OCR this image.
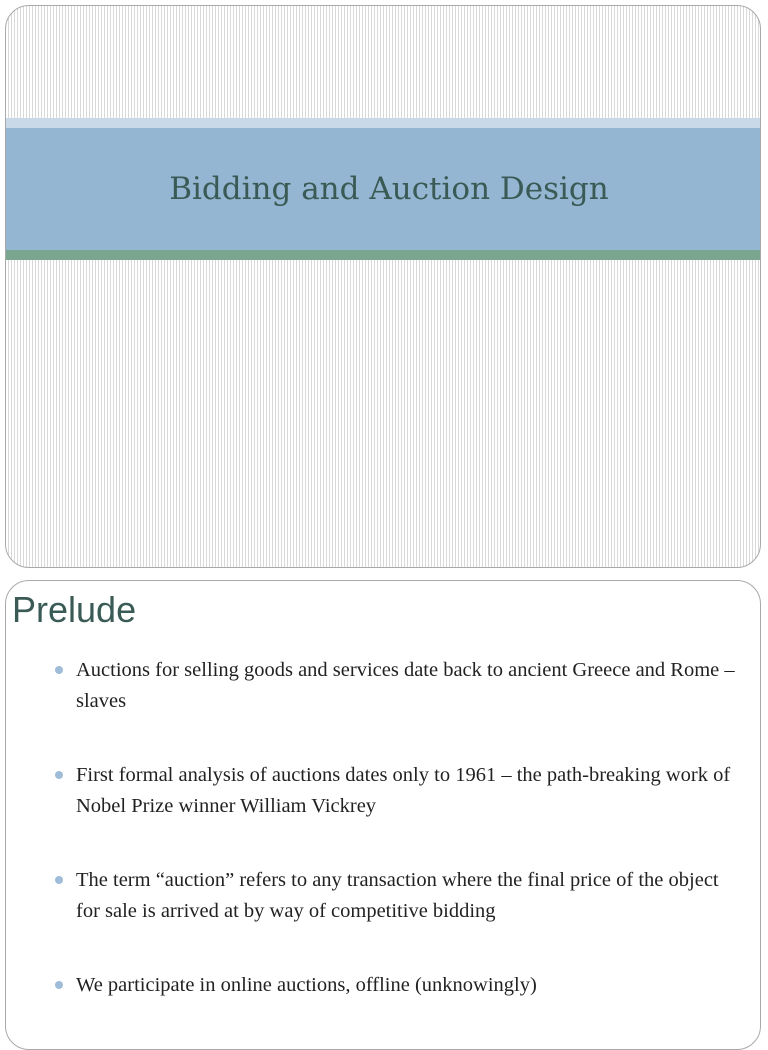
Bidding and Auction Design
Prelude
Auctions for selling goods and services date back to ancient Greece and Rome – slaves
First formal analysis of auctions dates only to 1961 – the path-breaking work of Nobel Prize winner William Vickrey
The term “auction” refers to any transaction where the final price of the object for sale is arrived at by way of competitive bidding
We participate in online auctions, offline (unknowingly)
